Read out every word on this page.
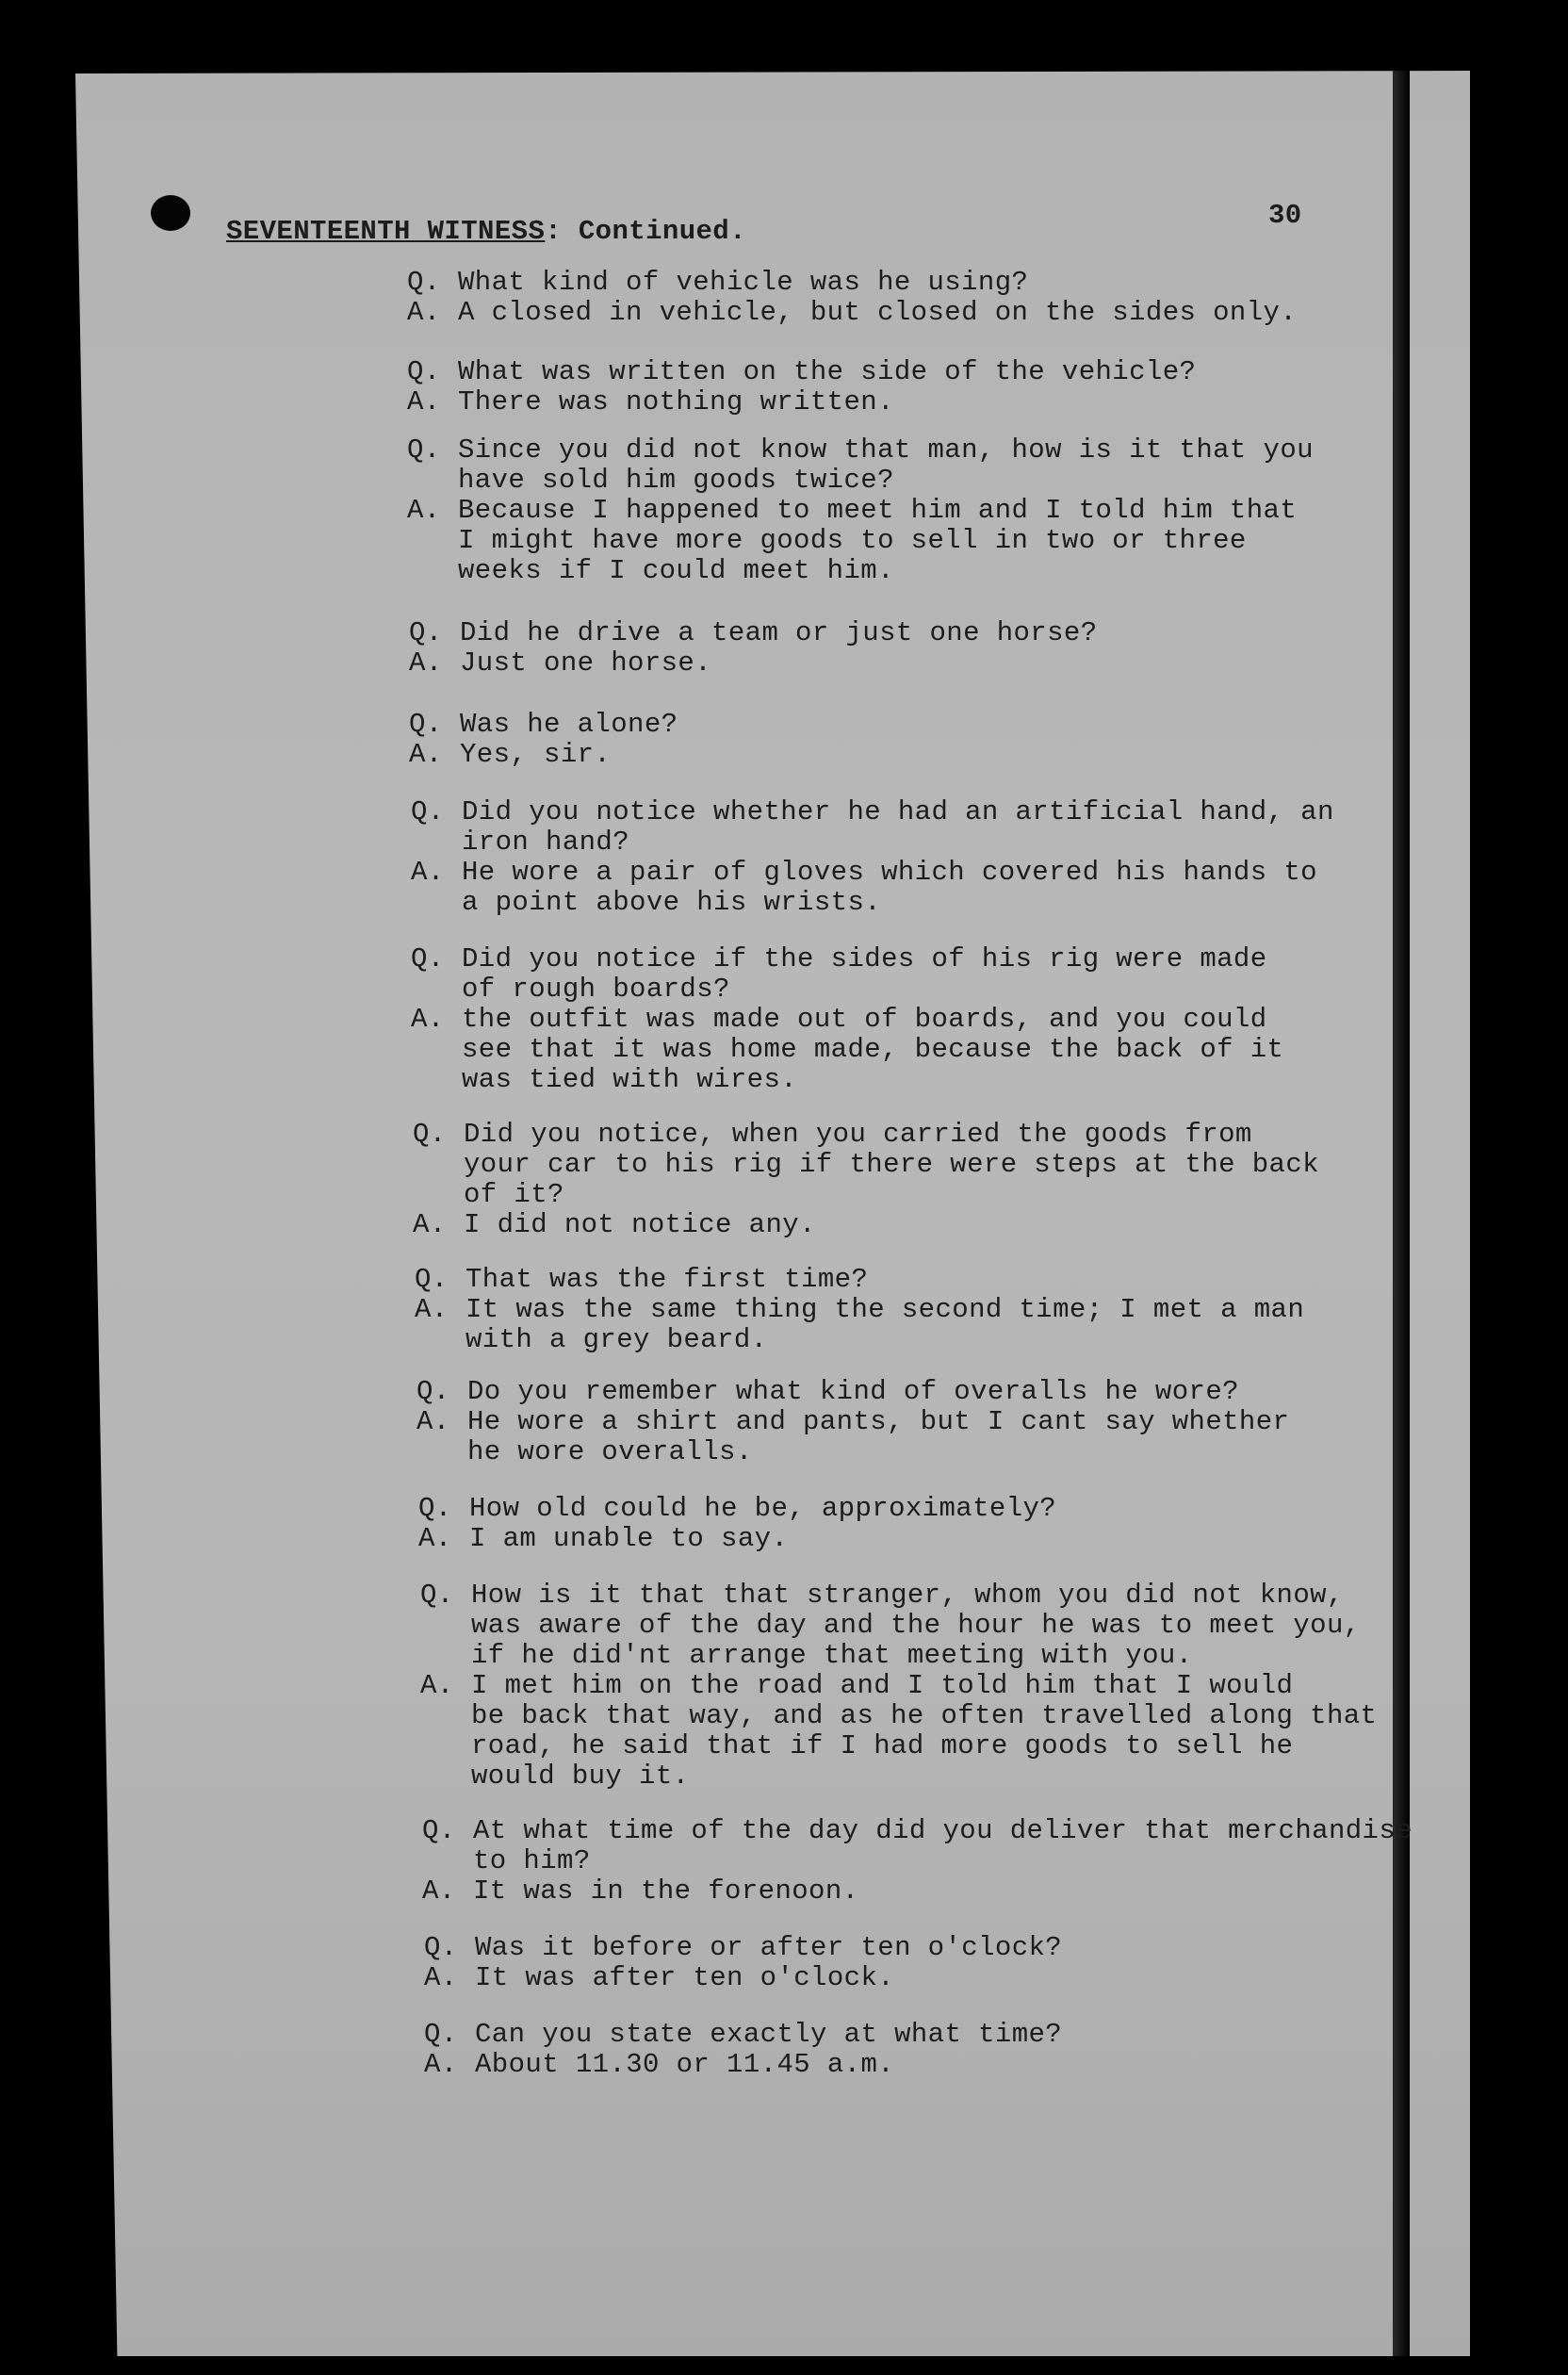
SEVENTEENTH WITNESS: Continued.
30
Q. What kind of vehicle was he using?
A. A closed in vehicle, but closed on the sides only.
Q. What was written on the side of the vehicle?
A. There was nothing written.
Q. Since you did not know that man, how is it that you
have sold him goods twice?
A. Because I happened to meet him and I told him that
I might have more goods to sell in two or three
weeks if I could meet him.
Q. Did he drive a team or just one horse?
A. Just one horse.
Q. Was he alone?
A. Yes, sir.
Q. Did you notice whether he had an artificial hand, an
iron hand?
A. He wore a pair of gloves which covered his hands to
a point above his wrists.
Q. Did you notice if the sides of his rig were made
of rough boards?
A. the outfit was made out of boards, and you could
see that it was home made, because the back of it
was tied with wires.
Q. Did you notice, when you carried the goods from
your car to his rig if there were steps at the back
of it?
A. I did not notice any.
Q. That was the first time?
A. It was the same thing the second time; I met a man
with a grey beard.
Q. Do you remember what kind of overalls he wore?
A. He wore a shirt and pants, but I cant say whether
he wore overalls.
Q. How old could he be, approximately?
A. I am unable to say.
Q. How is it that that stranger, whom you did not know,
was aware of the day and the hour he was to meet you,
if he did'nt arrange that meeting with you.
A. I met him on the road and I told him that I would
be back that way, and as he often travelled along that
road, he said that if I had more goods to sell he
would buy it.
Q. At what time of the day did you deliver that merchandise
to him?
A. It was in the forenoon.
Q. Was it before or after ten o'clock?
A. It was after ten o'clock.
Q. Can you state exactly at what time?
A. About 11.30 or 11.45 a.m.
